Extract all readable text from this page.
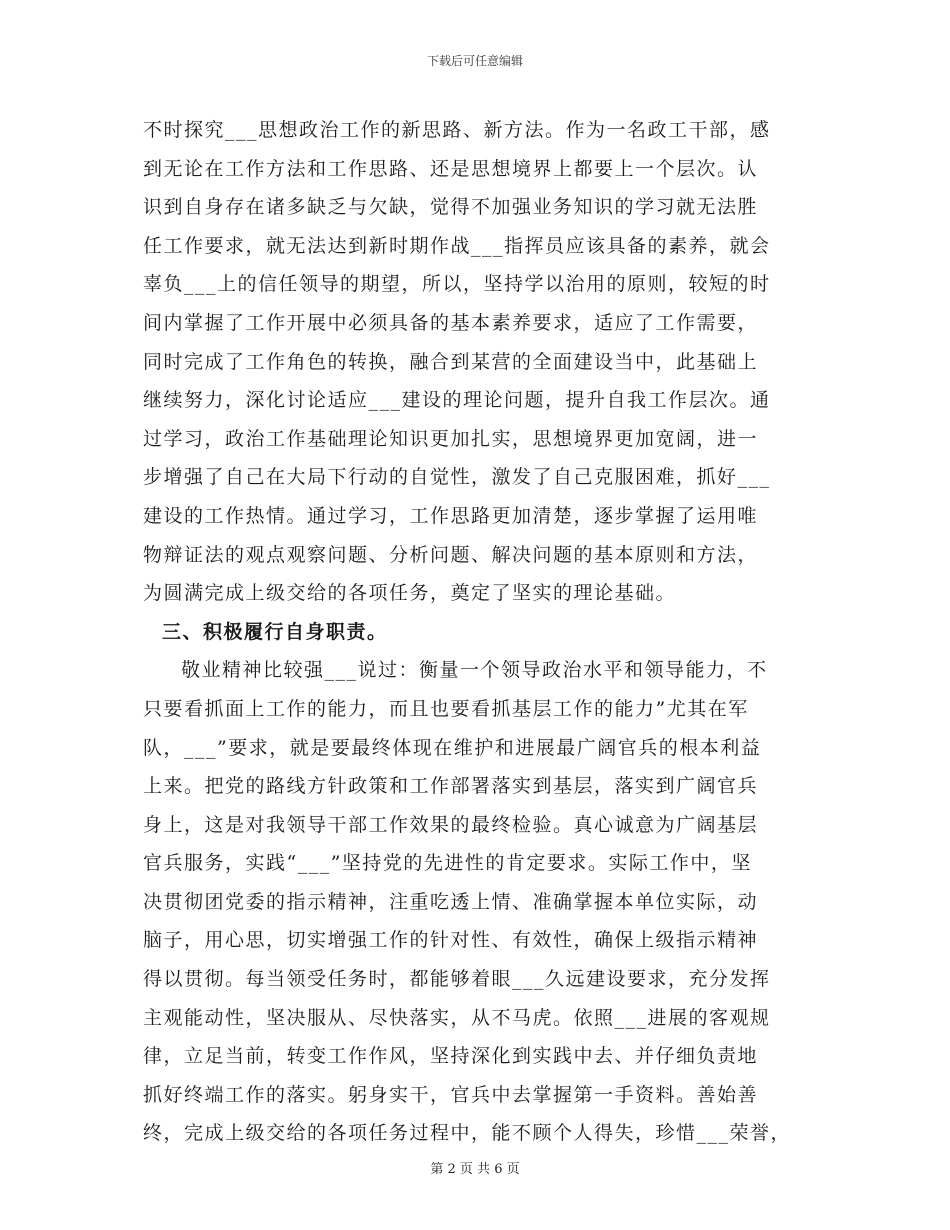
下载后可任意编辑
不时探究___思想政治工作的新思路、新方法。作为一名政工干部，感
到无论在工作方法和工作思路、还是思想境界上都要上一个层次。认
识到自身存在诸多缺乏与欠缺，觉得不加强业务知识的学习就无法胜
任工作要求，就无法达到新时期作战___指挥员应该具备的素养，就会
辜负___上的信任领导的期望，所以，坚持学以治用的原则，较短的时
间内掌握了工作开展中必须具备的基本素养要求，适应了工作需要，
同时完成了工作角色的转换，融合到某营的全面建设当中，此基础上
继续努力，深化讨论适应___建设的理论问题，提升自我工作层次。通
过学习，政治工作基础理论知识更加扎实，思想境界更加宽阔，进一
步增强了自己在大局下行动的自觉性，激发了自己克服困难，抓好___
建设的工作热情。通过学习，工作思路更加清楚，逐步掌握了运用唯
物辩证法的观点观察问题、分析问题、解决问题的基本原则和方法，
为圆满完成上级交给的各项任务，奠定了坚实的理论基础。
三、积极履行自身职责。
敬业精神比较强___说过：衡量一个领导政治水平和领导能力，不
只要看抓面上工作的能力，而且也要看抓基层工作的能力”尤其在军
队，___”要求，就是要最终体现在维护和进展最广阔官兵的根本利益
上来。把党的路线方针政策和工作部署落实到基层，落实到广阔官兵
身上，这是对我领导干部工作效果的最终检验。真心诚意为广阔基层
官兵服务，实践“___”坚持党的先进性的肯定要求。实际工作中，坚
决贯彻团党委的指示精神，注重吃透上情、准确掌握本单位实际，动
脑子，用心思，切实增强工作的针对性、有效性，确保上级指示精神
得以贯彻。每当领受任务时，都能够着眼___久远建设要求，充分发挥
主观能动性，坚决服从、尽快落实，从不马虎。依照___进展的客观规
律，立足当前，转变工作作风，坚持深化到实践中去、并仔细负责地
抓好终端工作的落实。躬身实干，官兵中去掌握第一手资料。善始善
终，完成上级交给的各项任务过程中，能不顾个人得失，珍惜___荣誉，
第 2 页 共 6 页
